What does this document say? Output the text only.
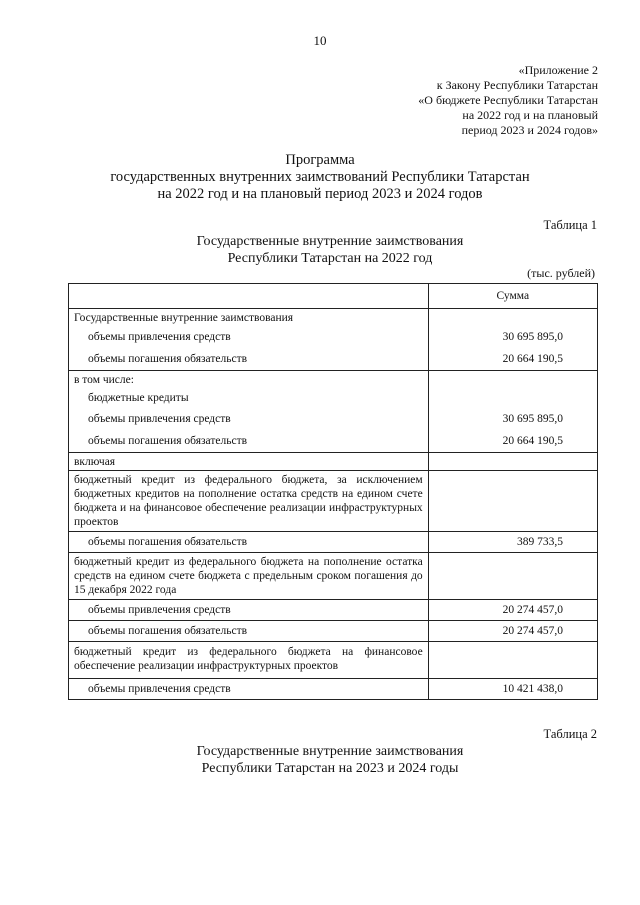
10
«Приложение 2
к Закону Республики Татарстан
«О бюджете Республики Татарстан
на 2022 год и на плановый
период 2023 и 2024 годов»
Программа
государственных внутренних заимствований Республики Татарстан
на 2022 год и на плановый период 2023 и 2024 годов
Таблица 1
Государственные внутренние заимствования
Республики Татарстан на 2022 год
(тыс. рублей)
	Сумма
Государственные внутренние заимствования	
объемы привлечения средств	30 695 895,0
объемы погашения обязательств	20 664 190,5
в том числе:	
бюджетные кредиты	
объемы привлечения средств	30 695 895,0
объемы погашения обязательств	20 664 190,5
включая	
бюджетный кредит из федерального бюджета, за исключением бюджетных кредитов на пополнение остатка средств на едином счете бюджета и на финансовое обеспечение реализации инфраструктурных проектов	
объемы погашения обязательств	389 733,5
бюджетный кредит из федерального бюджета на пополнение остатка средств на едином счете бюджета с предельным сроком погашения до 15 декабря 2022 года	
объемы привлечения средств	20 274 457,0
объемы погашения обязательств	20 274 457,0
бюджетный кредит из федерального бюджета на финансовое обеспечение реализации инфраструктурных проектов	
объемы привлечения средств	10 421 438,0
Таблица 2
Государственные внутренние заимствования
Республики Татарстан на 2023 и 2024 годы
